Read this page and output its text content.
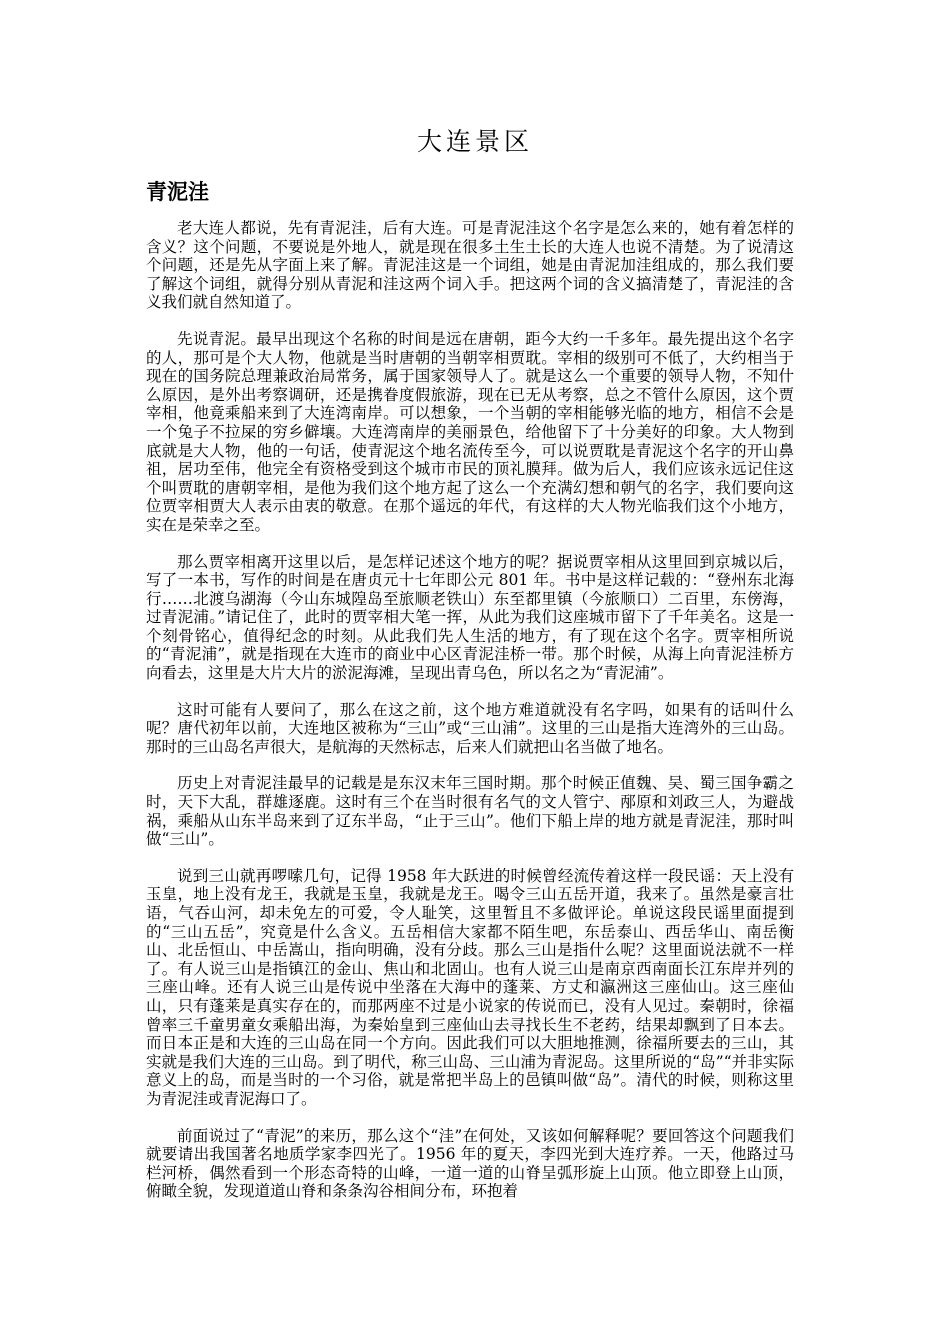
大连景区
青泥洼

老大连人都说，先有青泥洼，后有大连。可是青泥洼这个名字是怎么来的，她有着怎样的含义？这个问题，不要说是外地人，就是现在很多土生土长的大连人也说不清楚。为了说清这个问题，还是先从字面上来了解。青泥洼这是一个词组，她是由青泥加洼组成的，那么我们要了解这个词组，就得分别从青泥和洼这两个词入手。把这两个词的含义搞清楚了，青泥洼的含义我们就自然知道了。

先说青泥。最早出现这个名称的时间是远在唐朝，距今大约一千多年。最先提出这个名字的人，那可是个大人物，他就是当时唐朝的当朝宰相贾耽。宰相的级别可不低了，大约相当于现在的国务院总理兼政治局常务，属于国家领导人了。就是这么一个重要的领导人物，不知什么原因，是外出考察调研，还是携眷度假旅游，现在已无从考察，总之不管什么原因，这个贾宰相，他竟乘船来到了大连湾南岸。可以想象，一个当朝的宰相能够光临的地方，相信不会是一个兔子不拉屎的穷乡僻壤。大连湾南岸的美丽景色，给他留下了十分美好的印象。大人物到底就是大人物，他的一句话，使青泥这个地名流传至今，可以说贾耽是青泥这个名字的开山鼻祖，居功至伟，他完全有资格受到这个城市市民的顶礼膜拜。做为后人，我们应该永远记住这个叫贾耽的唐朝宰相，是他为我们这个地方起了这么一个充满幻想和朝气的名字，我们要向这位贾宰相贾大人表示由衷的敬意。在那个遥远的年代，有这样的大人物光临我们这个小地方，实在是荣幸之至。

那么贾宰相离开这里以后，是怎样记述这个地方的呢？据说贾宰相从这里回到京城以后，写了一本书，写作的时间是在唐贞元十七年即公元 801 年。书中是这样记载的：“登州东北海行……北渡乌湖海（今山东城隍岛至旅顺老铁山）东至都里镇（今旅顺口）二百里，东傍海，过青泥浦。”请记住了，此时的贾宰相大笔一挥，从此为我们这座城市留下了千年美名。这是一个刻骨铭心，值得纪念的时刻。从此我们先人生活的地方，有了现在这个名字。贾宰相所说的“青泥浦”，就是指现在大连市的商业中心区青泥洼桥一带。那个时候，从海上向青泥洼桥方向看去，这里是大片大片的淤泥海滩，呈现出青乌色，所以名之为“青泥浦”。

这时可能有人要问了，那么在这之前，这个地方难道就没有名字吗，如果有的话叫什么呢？唐代初年以前，大连地区被称为“三山”或“三山浦”。这里的三山是指大连湾外的三山岛。那时的三山岛名声很大，是航海的天然标志，后来人们就把山名当做了地名。

历史上对青泥洼最早的记载是是东汉末年三国时期。那个时候正值魏、吴、蜀三国争霸之时，天下大乱，群雄逐鹿。这时有三个在当时很有名气的文人管宁、邴原和刘政三人，为避战祸，乘船从山东半岛来到了辽东半岛，“止于三山”。他们下船上岸的地方就是青泥洼，那时叫做“三山”。

说到三山就再啰嗦几句，记得 1958 年大跃进的时候曾经流传着这样一段民谣：天上没有玉皇，地上没有龙王，我就是玉皇，我就是龙王。喝令三山五岳开道，我来了。虽然是豪言壮语，气吞山河，却未免左的可爱，令人耻笑，这里暂且不多做评论。单说这段民谣里面提到的“三山五岳”，究竟是什么含义。五岳相信大家都不陌生吧，东岳泰山、西岳华山、南岳衡山、北岳恒山、中岳嵩山，指向明确，没有分歧。那么三山是指什么呢？这里面说法就不一样了。有人说三山是指镇江的金山、焦山和北固山。也有人说三山是南京西南面长江东岸并列的三座山峰。还有人说三山是传说中坐落在大海中的蓬莱、方丈和瀛洲这三座仙山。这三座仙山，只有蓬莱是真实存在的，而那两座不过是小说家的传说而已，没有人见过。秦朝时，徐福曾率三千童男童女乘船出海，为秦始皇到三座仙山去寻找长生不老药，结果却飘到了日本去。而日本正是和大连的三山岛在同一个方向。因此我们可以大胆地推测，徐福所要去的三山，其实就是我们大连的三山岛。到了明代，称三山岛、三山浦为青泥岛。这里所说的“岛”“并非实际意义上的岛，而是当时的一个习俗，就是常把半岛上的邑镇叫做“岛”。清代的时候，则称这里为青泥洼或青泥海口了。

前面说过了“青泥”的来历，那么这个“洼”在何处，又该如何解释呢？要回答这个问题我们就要请出我国著名地质学家李四光了。1956 年的夏天，李四光到大连疗养。一天，他路过马栏河桥，偶然看到一个形态奇特的山峰，一道一道的山脊呈弧形旋上山顶。他立即登上山顶，俯瞰全貌，发现道道山脊和条条沟谷相间分布，环抱着
